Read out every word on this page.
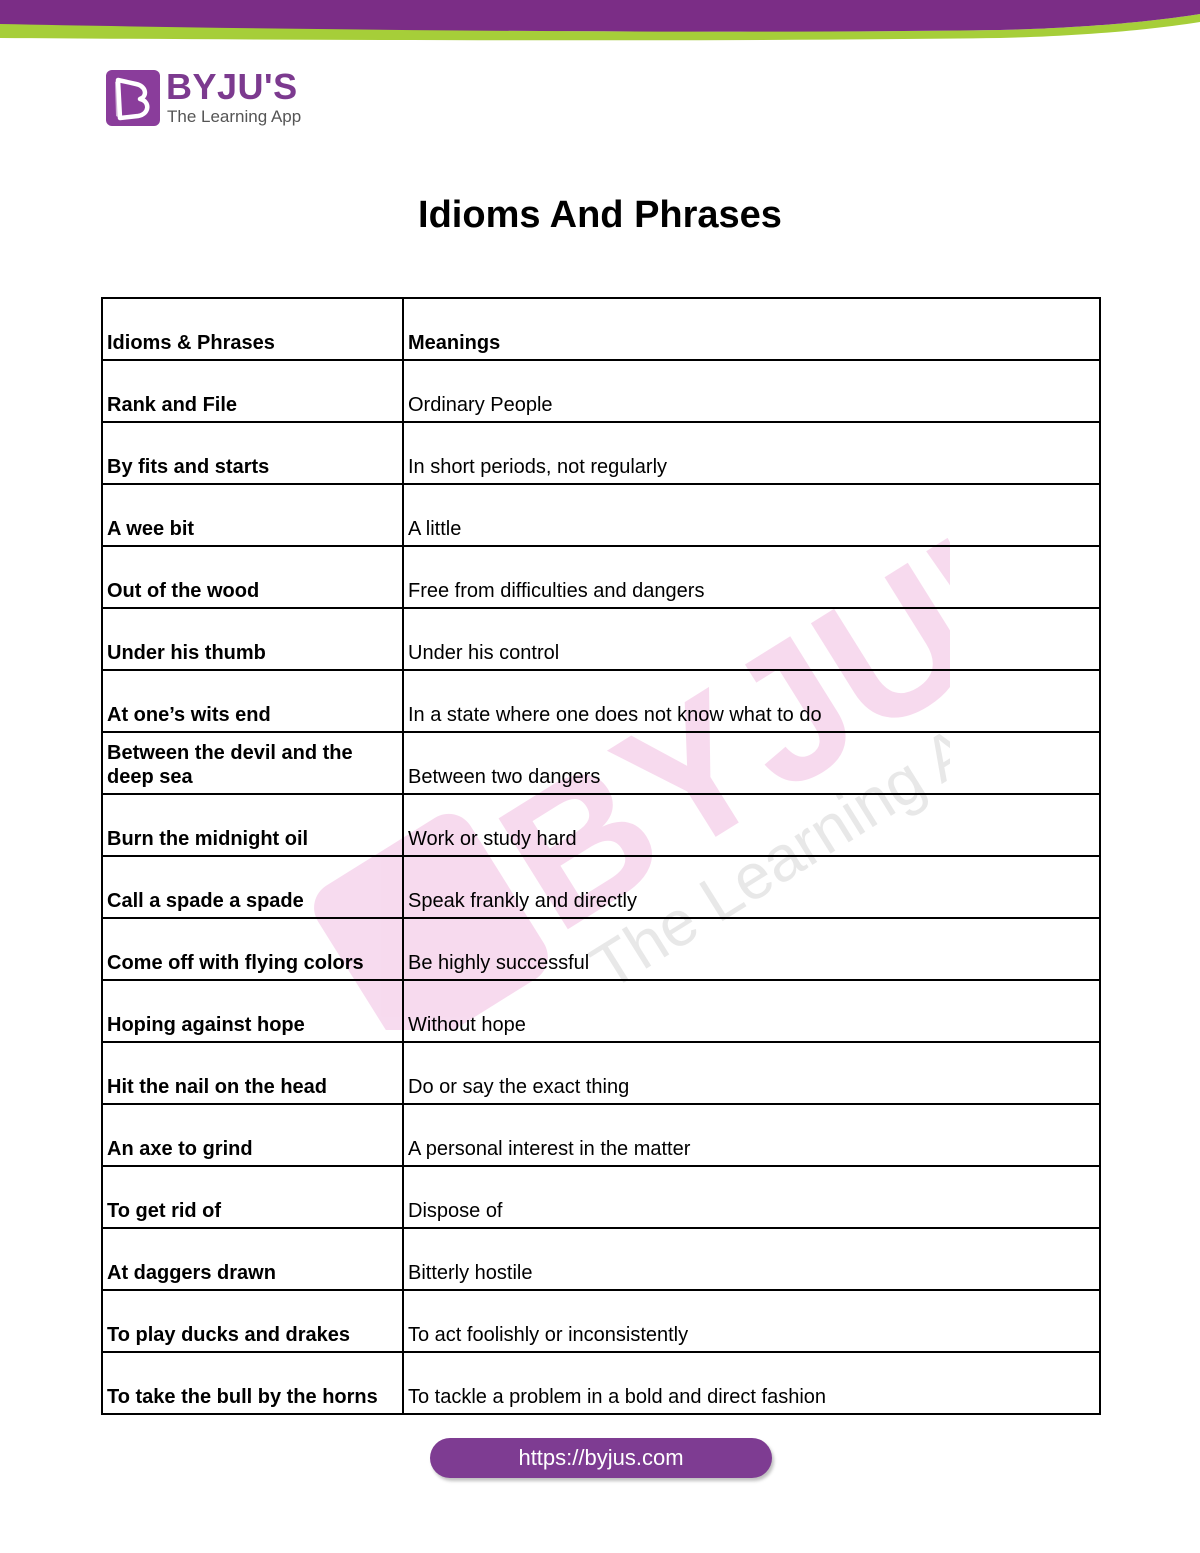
BYJU'S
The Learning App
Idioms And Phrases
BYJU'S
The Learning App
Idioms & Phrases	Meanings
Rank and File	Ordinary People
By fits and starts	In short periods, not regularly
A wee bit	A little
Out of the wood	Free from difficulties and dangers
Under his thumb	Under his control
At one’s wits end	In a state where one does not know what to do
Between the devil and the deep sea	Between two dangers
Burn the midnight oil	Work or study hard
Call a spade a spade	Speak frankly and directly
Come off with flying colors	Be highly successful
Hoping against hope	Without hope
Hit the nail on the head	Do or say the exact thing
An axe to grind	A personal interest in the matter
To get rid of	Dispose of
At daggers drawn	Bitterly hostile
To play ducks and drakes	To act foolishly or inconsistently
To take the bull by the horns	To tackle a problem in a bold and direct fashion
https://byjus.com
